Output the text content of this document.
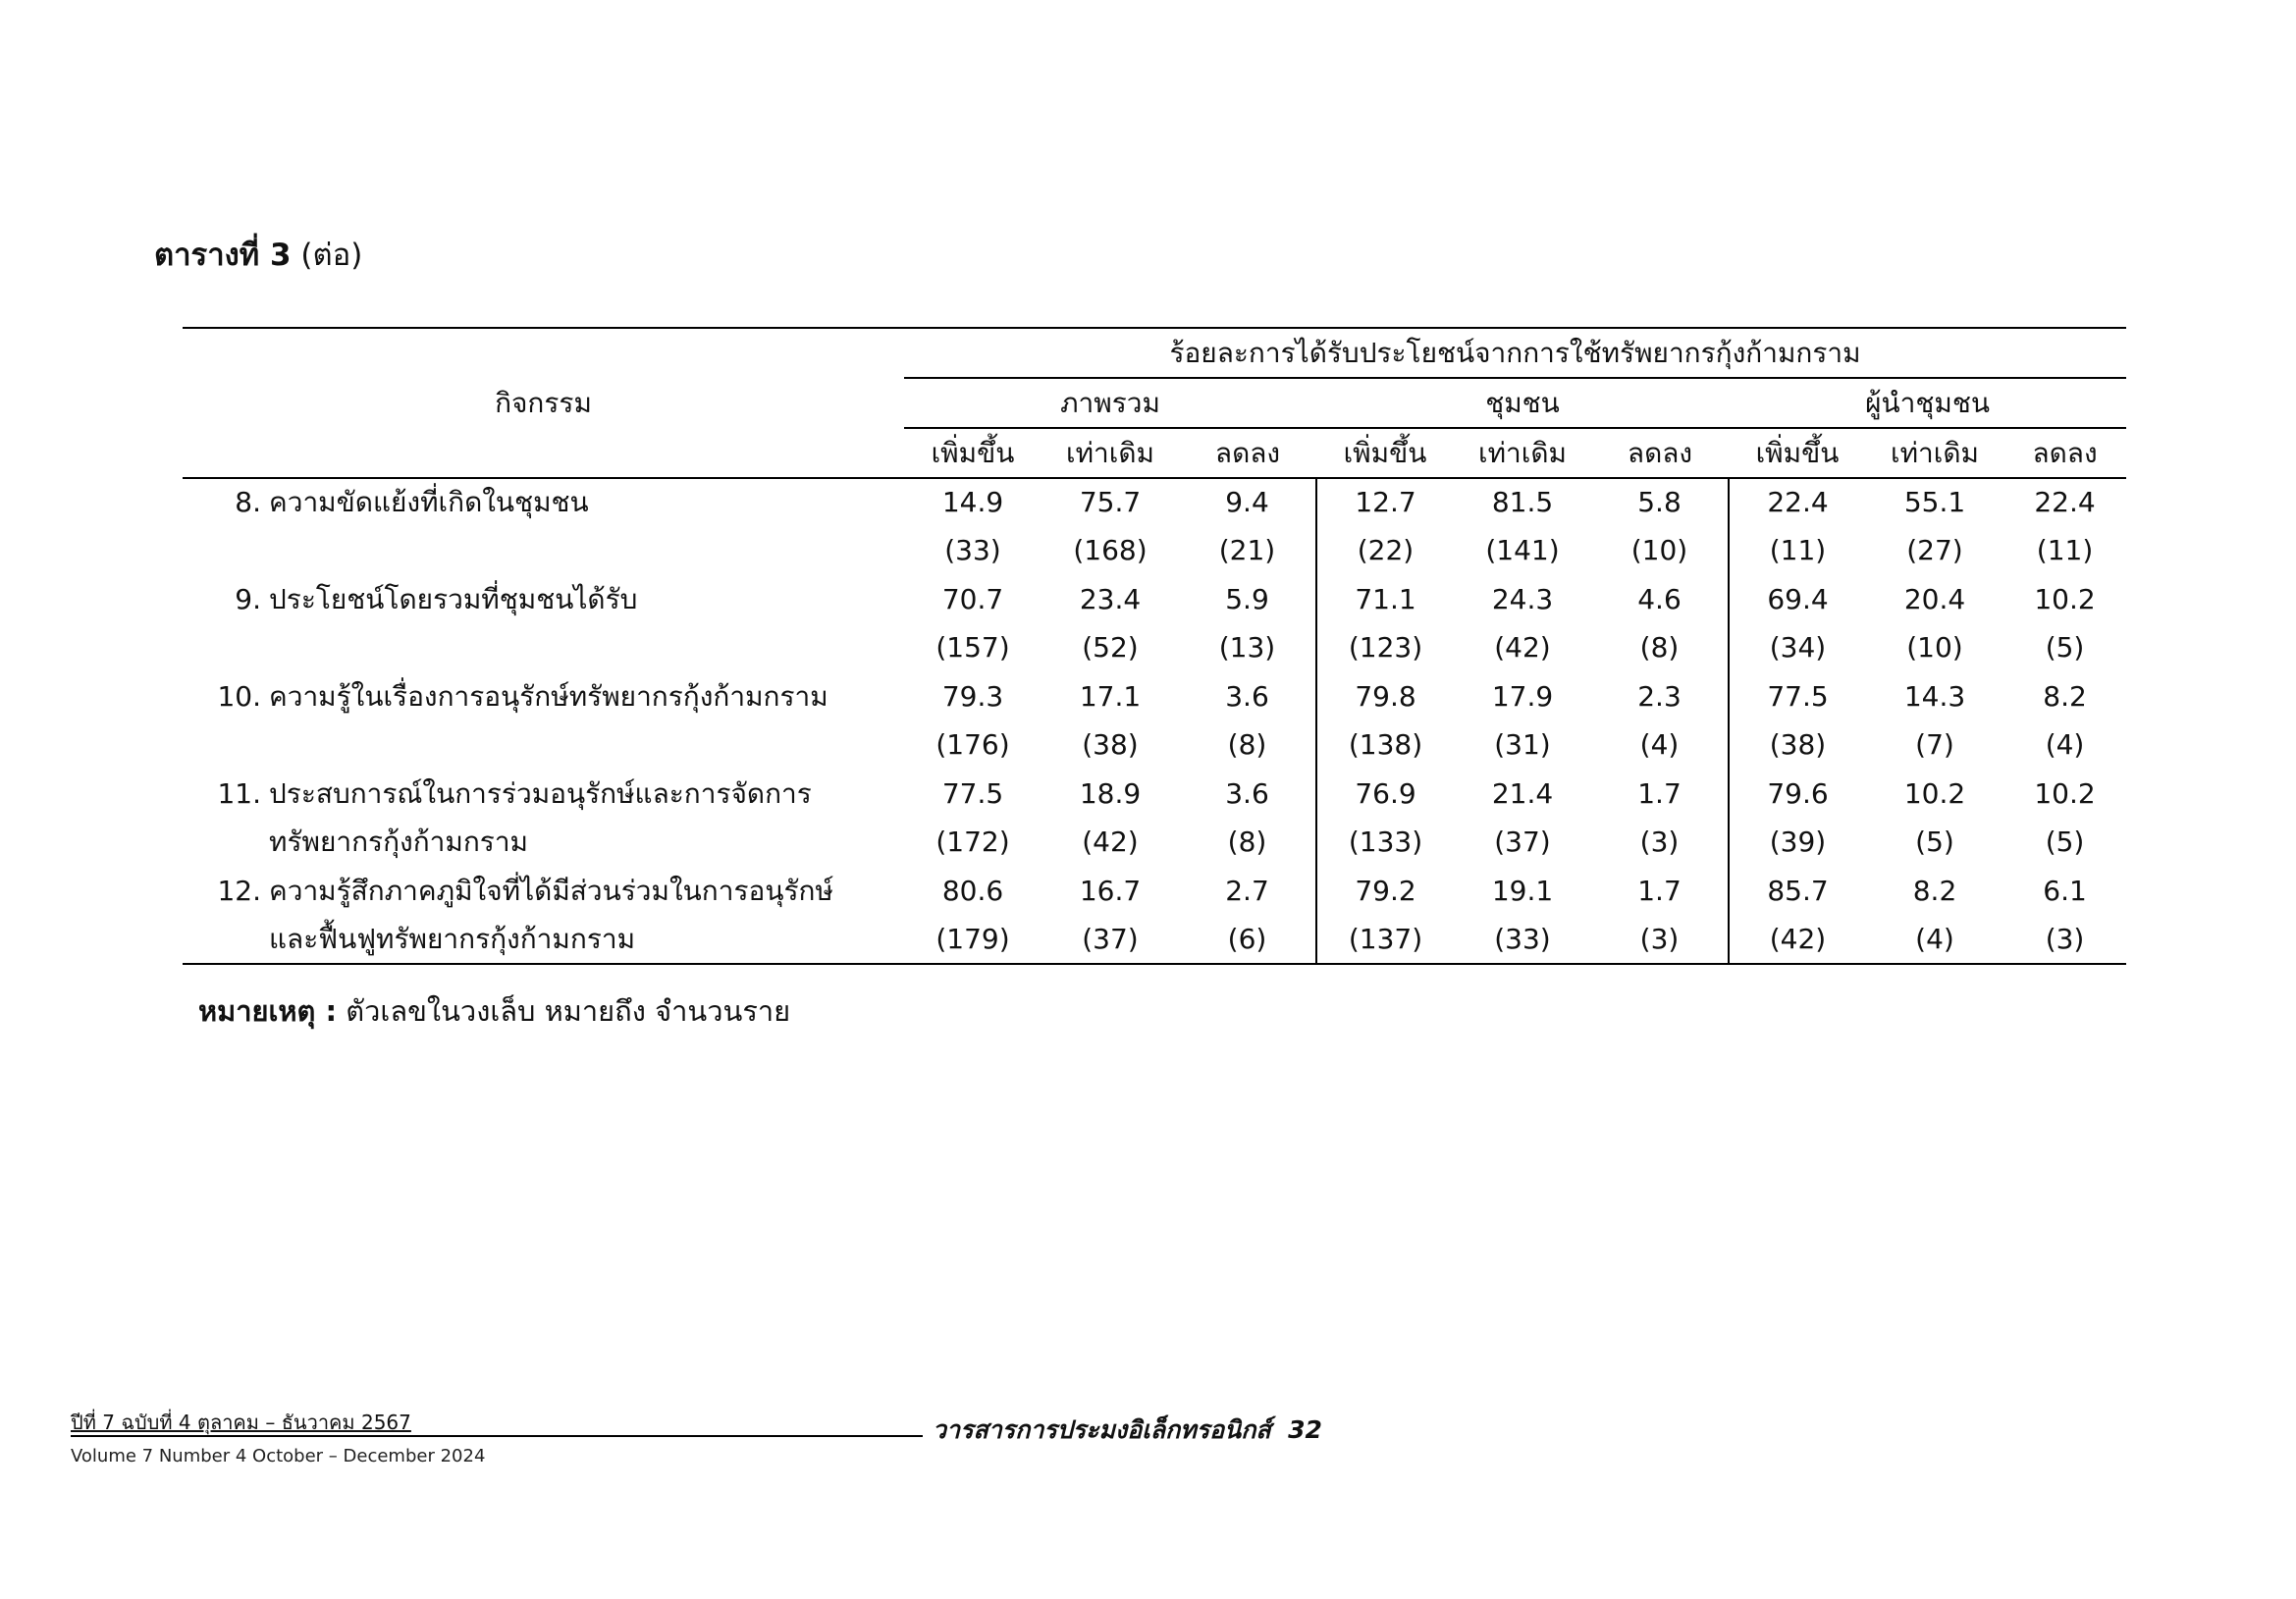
ตารางที่ 3 (ต่อ)
กิจกรรม	ร้อยละการได้รับประโยชน์จากการใช้ทรัพยากรกุ้งก้ามกราม								
	ภาพรวม			ชุมชน			ผู้นำชุมชน		
	เพิ่มขึ้น	เท่าเดิม	ลดลง	เพิ่มขึ้น	เท่าเดิม	ลดลง	เพิ่มขึ้น	เท่าเดิม	ลดลง
8. ความขัดแย้งที่เกิดในชุมชน	14.9	75.7	9.4	12.7	81.5	5.8	22.4	55.1	22.4
	(33)	(168)	(21)	(22)	(141)	(10)	(11)	(27)	(11)
9. ประโยชน์โดยรวมที่ชุมชนได้รับ	70.7	23.4	5.9	71.1	24.3	4.6	69.4	20.4	10.2
	(157)	(52)	(13)	(123)	(42)	(8)	(34)	(10)	(5)
10. ความรู้ในเรื่องการอนุรักษ์ทรัพยากรกุ้งก้ามกราม	79.3	17.1	3.6	79.8	17.9	2.3	77.5	14.3	8.2
	(176)	(38)	(8)	(138)	(31)	(4)	(38)	(7)	(4)
11. ประสบการณ์ในการร่วมอนุรักษ์และการจัดการ	77.5	18.9	3.6	76.9	21.4	1.7	79.6	10.2	10.2
ทรัพยากรกุ้งก้ามกราม	(172)	(42)	(8)	(133)	(37)	(3)	(39)	(5)	(5)
12. ความรู้สึกภาคภูมิใจที่ได้มีส่วนร่วมในการอนุรักษ์	80.6	16.7	2.7	79.2	19.1	1.7	85.7	8.2	6.1
และฟื้นฟูทรัพยากรกุ้งก้ามกราม	(179)	(37)	(6)	(137)	(33)	(3)	(42)	(4)	(3)
หมายเหตุ : ตัวเลขในวงเล็บ หมายถึง จำนวนราย
ปีที่ 7 ฉบับที่ 4 ตุลาคม – ธันวาคม 2567	วารสารการประมงอิเล็กทรอนิกส์ 32
Volume 7 Number 4 October – December 2024
